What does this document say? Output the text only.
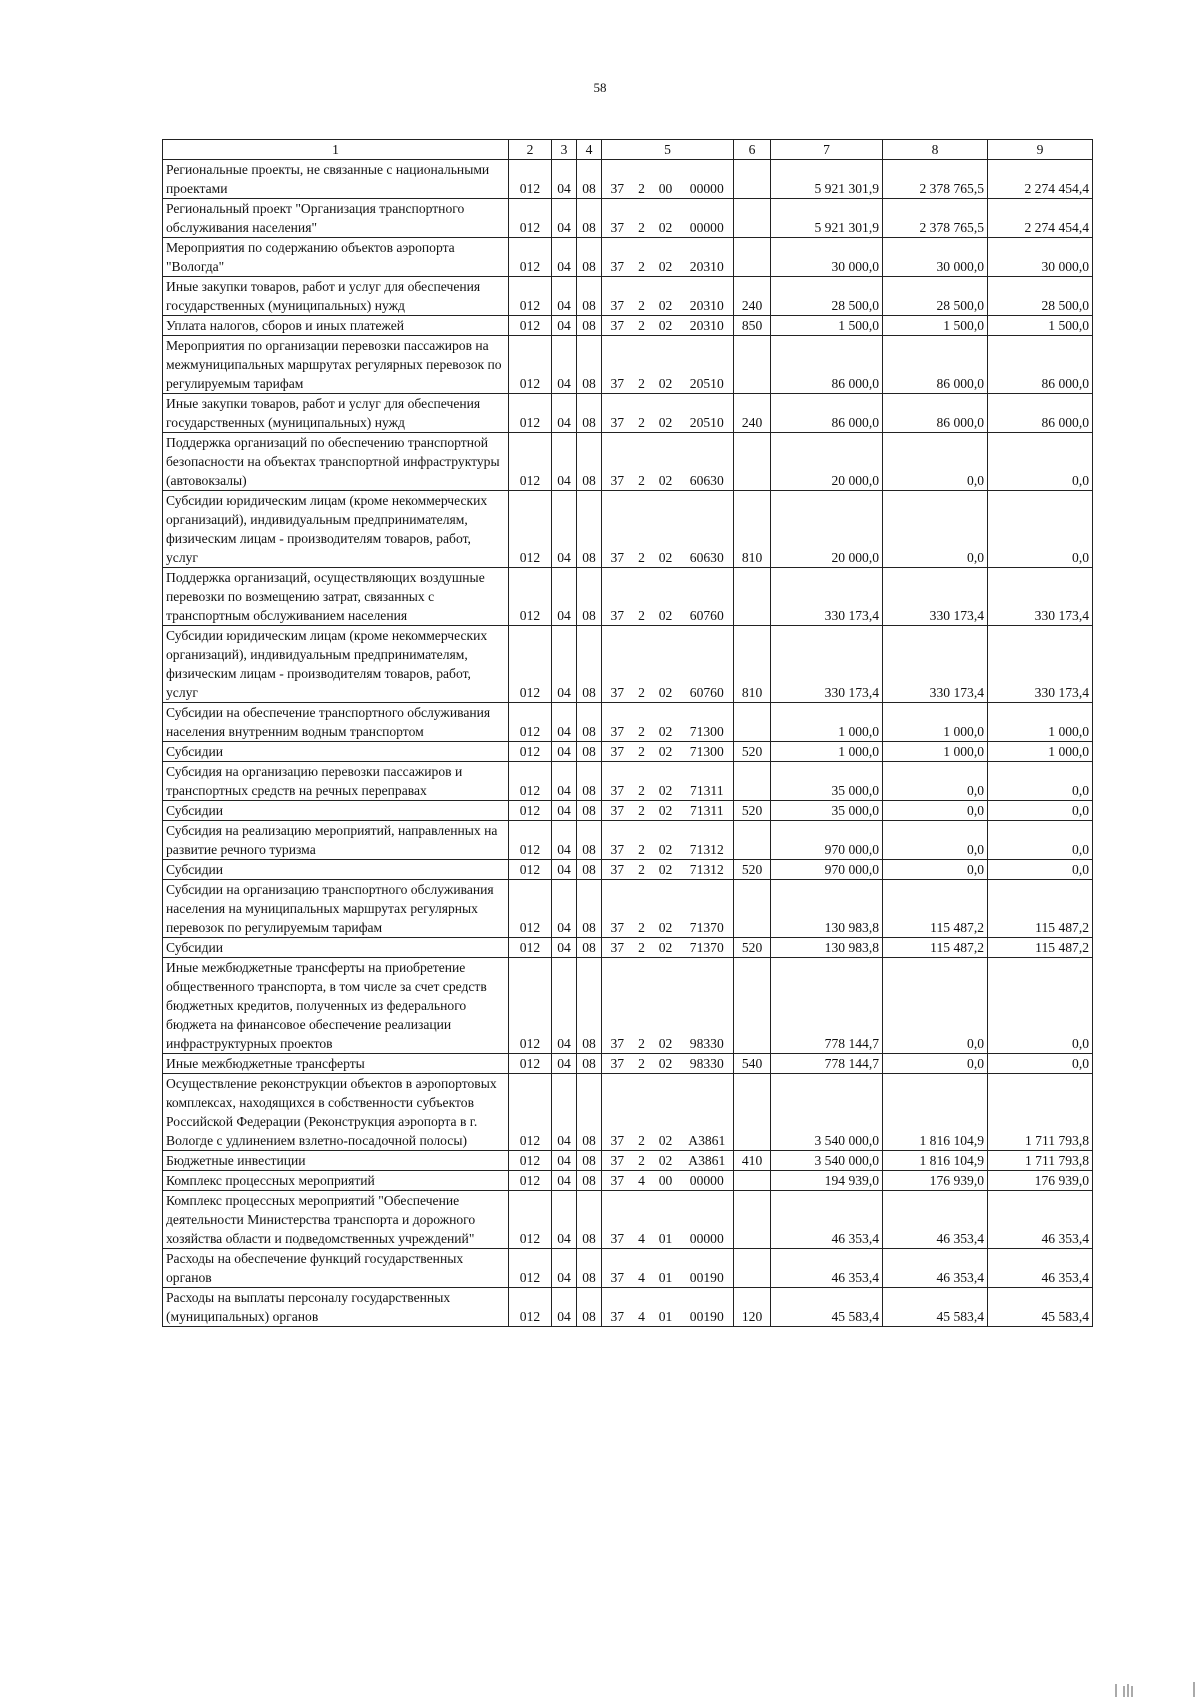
58
1	2	3	4	5				6	7	8	9
Региональные проекты, не связанные с национальными проектами	012	04	08	37	2	00	00000		5 921 301,9	2 378 765,5	2 274 454,4
Региональный проект "Организация транспортного обслуживания населения"	012	04	08	37	2	02	00000		5 921 301,9	2 378 765,5	2 274 454,4
Мероприятия по содержанию объектов аэропорта "Вологда"	012	04	08	37	2	02	20310		30 000,0	30 000,0	30 000,0
Иные закупки товаров, работ и услуг для обеспечения государственных (муниципальных) нужд	012	04	08	37	2	02	20310	240	28 500,0	28 500,0	28 500,0
Уплата налогов, сборов и иных платежей	012	04	08	37	2	02	20310	850	1 500,0	1 500,0	1 500,0
Мероприятия по организации перевозки пассажиров на межмуниципальных маршрутах регулярных перевозок по регулируемым тарифам	012	04	08	37	2	02	20510		86 000,0	86 000,0	86 000,0
Иные закупки товаров, работ и услуг для обеспечения государственных (муниципальных) нужд	012	04	08	37	2	02	20510	240	86 000,0	86 000,0	86 000,0
Поддержка организаций по обеспечению транспортной безопасности на объектах транспортной инфраструктуры (автовокзалы)	012	04	08	37	2	02	60630		20 000,0	0,0	0,0
Субсидии юридическим лицам (кроме некоммерческих организаций), индивидуальным предпринимателям, физическим лицам - производителям товаров, работ, услуг	012	04	08	37	2	02	60630	810	20 000,0	0,0	0,0
Поддержка организаций, осуществляющих воздушные перевозки по возмещению затрат, связанных с транспортным обслуживанием населения	012	04	08	37	2	02	60760		330 173,4	330 173,4	330 173,4
Субсидии юридическим лицам (кроме некоммерческих организаций), индивидуальным предпринимателям, физическим лицам - производителям товаров, работ, услуг	012	04	08	37	2	02	60760	810	330 173,4	330 173,4	330 173,4
Субсидии на обеспечение транспортного обслуживания населения внутренним водным транспортом	012	04	08	37	2	02	71300		1 000,0	1 000,0	1 000,0
Субсидии	012	04	08	37	2	02	71300	520	1 000,0	1 000,0	1 000,0
Субсидия на организацию перевозки пассажиров и транспортных средств на речных переправах	012	04	08	37	2	02	71311		35 000,0	0,0	0,0
Субсидии	012	04	08	37	2	02	71311	520	35 000,0	0,0	0,0
Субсидия на реализацию мероприятий, направленных на развитие речного туризма	012	04	08	37	2	02	71312		970 000,0	0,0	0,0
Субсидии	012	04	08	37	2	02	71312	520	970 000,0	0,0	0,0
Субсидии на организацию транспортного обслуживания населения на муниципальных маршрутах регулярных перевозок по регулируемым тарифам	012	04	08	37	2	02	71370		130 983,8	115 487,2	115 487,2
Субсидии	012	04	08	37	2	02	71370	520	130 983,8	115 487,2	115 487,2
Иные межбюджетные трансферты на приобретение общественного транспорта, в том числе за счет средств бюджетных кредитов, полученных из федерального бюджета на финансовое обеспечение реализации инфраструктурных проектов	012	04	08	37	2	02	98330		778 144,7	0,0	0,0
Иные межбюджетные трансферты	012	04	08	37	2	02	98330	540	778 144,7	0,0	0,0
Осуществление реконструкции объектов в аэропортовых комплексах, находящихся в собственности субъектов Российской Федерации (Реконструкция аэропорта в г. Вологде с удлинением взлетно-посадочной полосы)	012	04	08	37	2	02	А3861		3 540 000,0	1 816 104,9	1 711 793,8
Бюджетные инвестиции	012	04	08	37	2	02	А3861	410	3 540 000,0	1 816 104,9	1 711 793,8
Комплекс процессных мероприятий	012	04	08	37	4	00	00000		194 939,0	176 939,0	176 939,0
Комплекс процессных мероприятий "Обеспечение деятельности Министерства транспорта и дорожного хозяйства области и подведомственных учреждений"	012	04	08	37	4	01	00000		46 353,4	46 353,4	46 353,4
Расходы на обеспечение функций государственных органов	012	04	08	37	4	01	00190		46 353,4	46 353,4	46 353,4
Расходы на выплаты персоналу государственных (муниципальных) органов	012	04	08	37	4	01	00190	120	45 583,4	45 583,4	45 583,4
